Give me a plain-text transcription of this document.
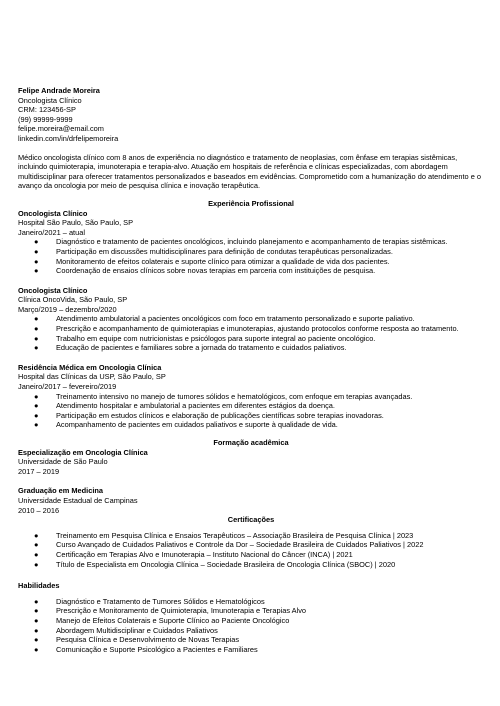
Felipe Andrade Moreira
Oncologista Clínico
CRM: 123456-SP
(99) 99999-9999
felipe.moreira@email.com
linkedin.com/in/drfelipemoreira
Médico oncologista clínico com 8 anos de experiência no diagnóstico e tratamento de neoplasias, com ênfase em terapias sistêmicas, incluindo quimioterapia, imunoterapia e terapia-alvo. Atuação em hospitais de referência e clínicas especializadas, com abordagem multidisciplinar para oferecer tratamentos personalizados e baseados em evidências. Comprometido com a humanização do atendimento e o avanço da oncologia por meio de pesquisa clínica e inovação terapêutica.
Experiência Profissional
Oncologista Clínico
Hospital São Paulo, São Paulo, SP
Janeiro/2021 – atual
● Diagnóstico e tratamento de pacientes oncológicos, incluindo planejamento e acompanhamento de terapias sistêmicas.
● Participação em discussões multidisciplinares para definição de condutas terapêuticas personalizadas.
● Monitoramento de efeitos colaterais e suporte clínico para otimizar a qualidade de vida dos pacientes.
● Coordenação de ensaios clínicos sobre novas terapias em parceria com instituições de pesquisa.
Oncologista Clínico
Clínica OncoVida, São Paulo, SP
Março/2019 – dezembro/2020
● Atendimento ambulatorial a pacientes oncológicos com foco em tratamento personalizado e suporte paliativo.
● Prescrição e acompanhamento de quimioterapias e imunoterapias, ajustando protocolos conforme resposta ao tratamento.
● Trabalho em equipe com nutricionistas e psicólogos para suporte integral ao paciente oncológico.
● Educação de pacientes e familiares sobre a jornada do tratamento e cuidados paliativos.
Residência Médica em Oncologia Clínica
Hospital das Clínicas da USP, São Paulo, SP
Janeiro/2017 – fevereiro/2019
● Treinamento intensivo no manejo de tumores sólidos e hematológicos, com enfoque em terapias avançadas.
● Atendimento hospitalar e ambulatorial a pacientes em diferentes estágios da doença.
● Participação em estudos clínicos e elaboração de publicações científicas sobre terapias inovadoras.
● Acompanhamento de pacientes em cuidados paliativos e suporte à qualidade de vida.
Formação acadêmica
Especialização em Oncologia Clínica
Universidade de São Paulo
2017 – 2019
Graduação em Medicina
Universidade Estadual de Campinas
2010 – 2016
Certificações
● Treinamento em Pesquisa Clínica e Ensaios Terapêuticos – Associação Brasileira de Pesquisa Clínica | 2023
● Curso Avançado de Cuidados Paliativos e Controle da Dor – Sociedade Brasileira de Cuidados Paliativos | 2022
● Certificação em Terapias Alvo e Imunoterapia – Instituto Nacional do Câncer (INCA) | 2021
● Título de Especialista em Oncologia Clínica – Sociedade Brasileira de Oncologia Clínica (SBOC) | 2020
Habilidades
● Diagnóstico e Tratamento de Tumores Sólidos e Hematológicos
● Prescrição e Monitoramento de Quimioterapia, Imunoterapia e Terapias Alvo
● Manejo de Efeitos Colaterais e Suporte Clínico ao Paciente Oncológico
● Abordagem Multidisciplinar e Cuidados Paliativos
● Pesquisa Clínica e Desenvolvimento de Novas Terapias
● Comunicação e Suporte Psicológico a Pacientes e Familiares
